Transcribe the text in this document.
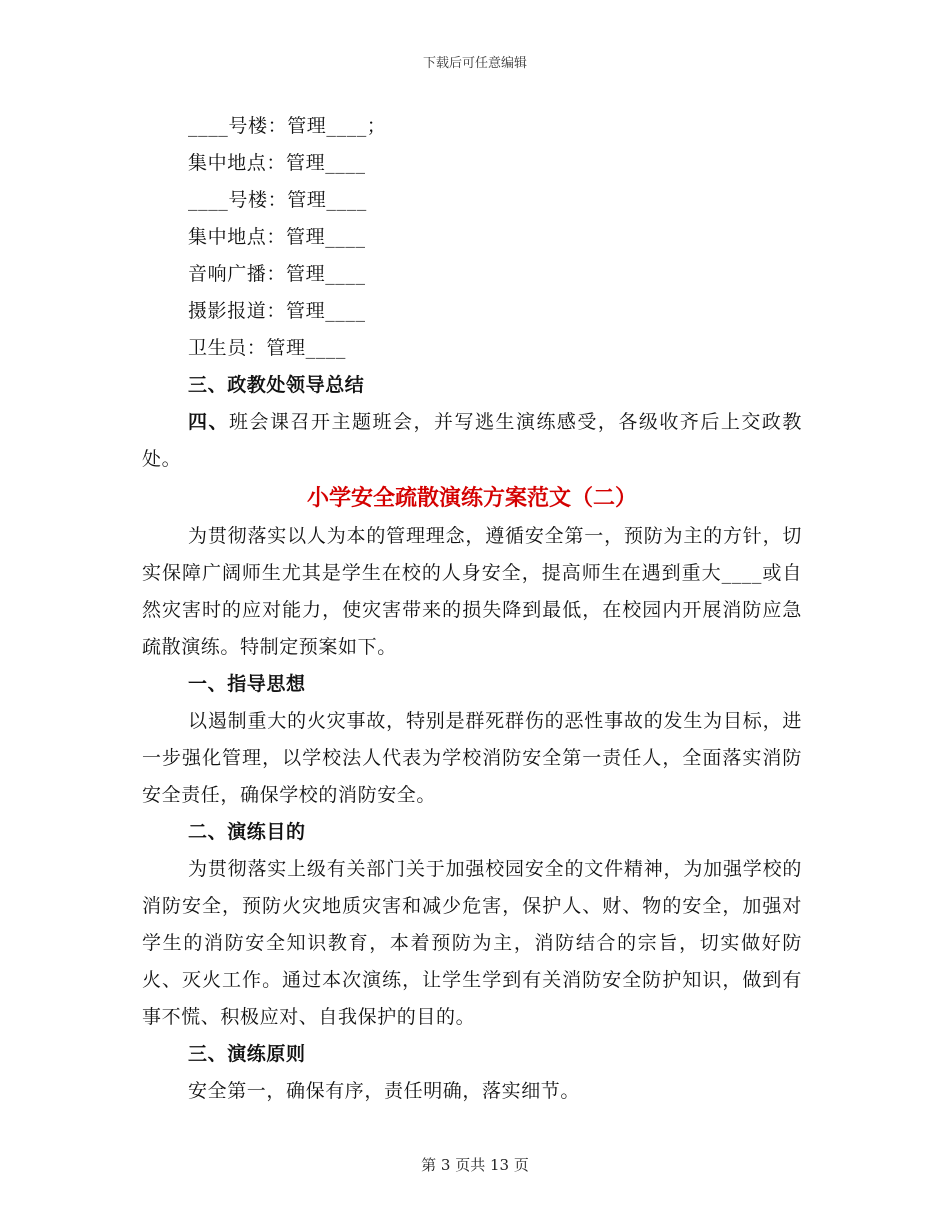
下载后可任意编辑
____号楼：管理____；
集中地点：管理____
____号楼：管理____
集中地点：管理____
音响广播：管理____
摄影报道：管理____
卫生员：管理____
三、政教处领导总结
四、班会课召开主题班会，并写逃生演练感受，各级收齐后上交政教处。
小学安全疏散演练方案范文（二）
为贯彻落实以人为本的管理理念，遵循安全第一，预防为主的方针，切实保障广阔师生尤其是学生在校的人身安全，提高师生在遇到重大____或自然灾害时的应对能力，使灾害带来的损失降到最低，在校园内开展消防应急疏散演练。特制定预案如下。
一、指导思想
以遏制重大的火灾事故，特别是群死群伤的恶性事故的发生为目标，进一步强化管理，以学校法人代表为学校消防安全第一责任人，全面落实消防安全责任，确保学校的消防安全。
二、演练目的
为贯彻落实上级有关部门关于加强校园安全的文件精神，为加强学校的消防安全，预防火灾地质灾害和减少危害，保护人、财、物的安全，加强对学生的消防安全知识教育，本着预防为主，消防结合的宗旨，切实做好防火、灭火工作。通过本次演练，让学生学到有关消防安全防护知识，做到有事不慌、积极应对、自我保护的目的。
三、演练原则
安全第一，确保有序，责任明确，落实细节。
第 3 页共 13 页
